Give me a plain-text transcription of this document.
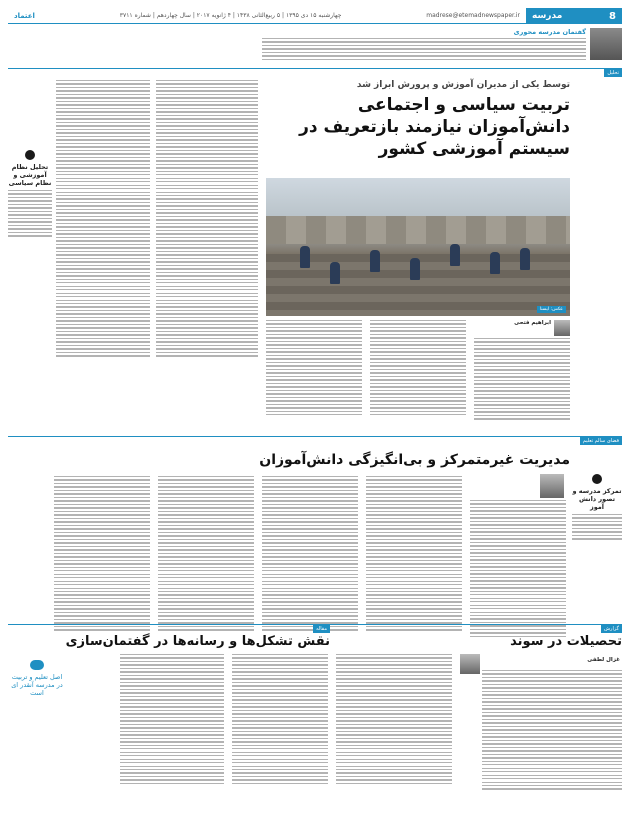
8
مدرسه
madrese@etemadnewspaper.ir
چهارشنبه ۱۵ دی ۱۳۹۵ | ۵ ربیع‌الثانی ۱۴۳۸ | ۴ ژانویه ۲۰۱۷ | سال چهاردهم | شماره ۳۷۱۱
اعتماد
گفتمان مدرسه محوری
تحلیل
توسط یکی از مدیران آموزش و پرورش ابراز شد
تربیت سیاسی و اجتماعی دانش‌آموزان نیازمند بازتعریف در سیستم آموزشی کشور
عکس: ایسنا
ابراهیم فتحی
تحلیل نظام آموزشی و نظام سیاسی
فضای سالم تعلیم
مدیریت غیرمتمرکز و بی‌انگیزگی دانش‌آموزان
تمرکز مدرسه و تصور دانش آموز
گزارش
مقاله
تحصیلات در سوند
نقش تشکل‌ها و رسانه‌ها در گفتمان‌سازی
غزال لطفی
اصل تعلیم و تربیت در مدرسه آنقدر ای است
